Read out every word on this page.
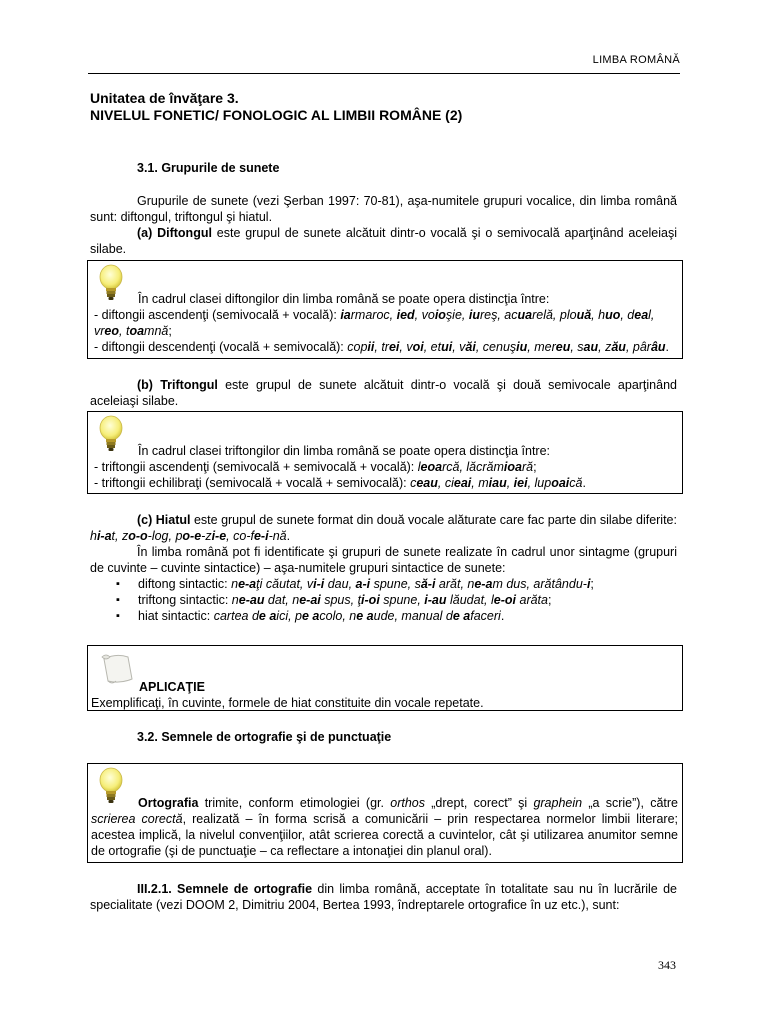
LIMBA ROMÂNĂ
Unitatea de învăţare 3.
NIVELUL FONETIC/ FONOLOGIC AL LIMBII ROMÂNE (2)
3.1. Grupurile de sunete
Grupurile de sunete (vezi Şerban 1997: 70-81), aşa-numitele grupuri vocalice, din limba română sunt: diftongul, triftongul şi hiatul.
(a) Diftongul este grupul de sunete alcătuit dintr-o vocală şi o semivocală aparţinând aceleiaşi silabe.
În cadrul clasei diftongilor din limba română se poate opera distincţia între:
- diftongii ascendenţi (semivocală + vocală): iarmaroc, ied, voioşie, iureş, acuarelă, plouă, huo, deal,
vreo, toamnă;
- diftongii descendenţi (vocală + semivocală): copii, trei, voi, etui, văi, cenuşiu, mereu, sau, zău, pârâu.
(b) Triftongul este grupul de sunete alcătuit dintr-o vocală şi două semivocale aparţinând aceleiaşi silabe.
În cadrul clasei triftongilor din limba română se poate opera distincţia între:
- triftongii ascendenţi (semivocală + semivocală + vocală): leoarcă, lăcrămioară;
- triftongii echilibraţi (semivocală + vocală + semivocală): ceau, cieai, miau, iei, lupoaică.
(c) Hiatul este grupul de sunete format din două vocale alăturate care fac parte din silabe diferite: hi-at, zo-o-log, po-e-zi-e, co-fe-i-nă.
În limba română pot fi identificate şi grupuri de sunete realizate în cadrul unor sintagme (grupuri de cuvinte – cuvinte sintactice) – aşa-numitele grupuri sintactice de sunete:
▪ diftong sintactic: ne-aţi căutat, vi-i dau, a-i spune, să-i arăt, ne-am dus, arătându-i;
▪ triftong sintactic: ne-au dat, ne-ai spus, ţi-oi spune, i-au lăudat, le-oi arăta;
▪ hiat sintactic: cartea de aici, pe acolo, ne aude, manual de afaceri.
APLICAŢIE
Exemplificaţi, în cuvinte, formele de hiat constituite din vocale repetate.
3.2. Semnele de ortografie şi de punctuaţie
Ortografia trimite, conform etimologiei (gr. orthos „drept, corect” şi graphein „a scrie”), către scrierea corectă, realizată – în forma scrisă a comunicării – prin respectarea normelor limbii literare; acestea implică, la nivelul convenţiilor, atât scrierea corectă a cuvintelor, cât şi utilizarea anumitor semne de ortografie (şi de punctuaţie – ca reflectare a intonaţiei din planul oral).
III.2.1. Semnele de ortografie din limba română, acceptate în totalitate sau nu în lucrările de specialitate (vezi DOOM 2, Dimitriu 2004, Bertea 1993, îndreptarele ortografice în uz etc.), sunt:
343
